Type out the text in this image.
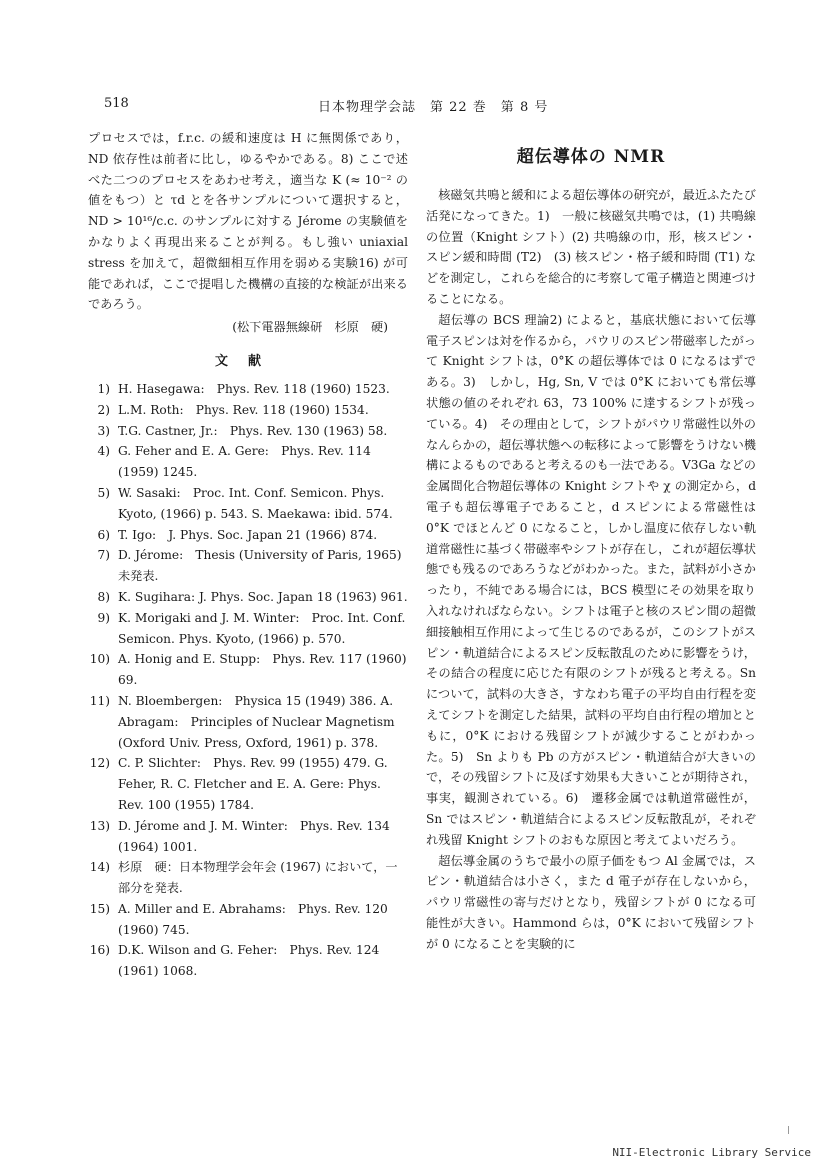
518	日本物理学会誌　第 22 巻　第 8 号

プロセスでは，f.r.c. の緩和速度は H に無関係であり，ND 依存性は前者に比し，ゆるやかである。8) ここで述べた二つのプロセスをあわせ考え，適当な K (≈ 10⁻² の値をもつ）と τd とを各サンプルについて選択すると，ND > 10¹⁶/c.c. のサンプルに対する Jérome の実験値をかなりよく再現出来ることが判る。もし強い uniaxial stress を加えて，超微細相互作用を弱める実験16) が可能であれば，ここで提唱した機構の直接的な検証が出来るであろう。

(松下電器無線研　杉原　硬)
文献
1) H. Hasegawa:　Phys. Rev. 118 (1960) 1523.
2) L.M. Roth:　Phys. Rev. 118 (1960) 1534.
3) T.G. Castner, Jr.:　Phys. Rev. 130 (1963) 58.
4) G. Feher and E. A. Gere:　Phys. Rev. 114 (1959) 1245.
5) W. Sasaki:　Proc. Int. Conf. Semicon. Phys. Kyoto, (1966) p. 543. S. Maekawa: ibid. 574.
6) T. Igo:　J. Phys. Soc. Japan 21 (1966) 874.
7) D. Jérome:　Thesis (University of Paris, 1965) 未発表.
8) K. Sugihara: J. Phys. Soc. Japan 18 (1963) 961.
9) K. Morigaki and J. M. Winter:　Proc. Int. Conf. Semicon. Phys. Kyoto, (1966) p. 570.
10) A. Honig and E. Stupp:　Phys. Rev. 117 (1960) 69.
11) N. Bloembergen:　Physica 15 (1949) 386. A. Abragam:　Principles of Nuclear Magnetism (Oxford Univ. Press, Oxford, 1961) p. 378.
12) C. P. Slichter:　Phys. Rev. 99 (1955) 479. G. Feher, R. C. Fletcher and E. A. Gere: Phys. Rev. 100 (1955) 1784.
13) D. Jérome and J. M. Winter:　Phys. Rev. 134 (1964) 1001.
14) 杉原　硬：日本物理学会年会 (1967) において，一部分を発表.
15) A. Miller and E. Abrahams:　Phys. Rev. 120 (1960) 745.
16) D.K. Wilson and G. Feher:　Phys. Rev. 124 (1961) 1068.
超伝導体の NMR

核磁気共鳴と緩和による超伝導体の研究が，最近ふたたび活発になってきた。1)　一般に核磁気共鳴では，(1) 共鳴線の位置（Knight シフト）(2) 共鳴線の巾，形，核スピン・スピン緩和時間 (T2)　(3) 核スピン・格子緩和時間 (T1) などを測定し，これらを総合的に考察して電子構造と関連づけることになる。

超伝導の BCS 理論2) によると，基底状態において伝導電子スピンは対を作るから，パウリのスピン帯磁率したがって Knight シフトは，0°K の超伝導体では 0 になるはずである。3)　しかし，Hg, Sn, V では 0°K においても常伝導状態の値のそれぞれ 63，73 100% に達するシフトが残っている。4)　その理由として，シフトがパウリ常磁性以外のなんらかの，超伝導状態への転移によって影響をうけない機構によるものであると考えるのも一法である。V3Ga などの金属間化合物超伝導体の Knight シフトや χ の測定から，d 電子も超伝導電子であること，d スピンによる常磁性は 0°K でほとんど 0 になること，しかし温度に依存しない軌道常磁性に基づく帯磁率やシフトが存在し，これが超伝導状態でも残るのであろうなどがわかった。また，試料が小さかったり，不純である場合には，BCS 模型にその効果を取り入れなければならない。シフトは電子と核のスピン間の超微細接触相互作用によって生じるのであるが，このシフトがスピン・軌道結合によるスピン反転散乱のために影響をうけ，その結合の程度に応じた有限のシフトが残ると考える。Sn について，試料の大きさ，すなわち電子の平均自由行程を変えてシフトを測定した結果，試料の平均自由行程の増加とともに，0°K における残留シフトが減少することがわかった。5)　Sn よりも Pb の方がスピン・軌道結合が大きいので，その残留シフトに及ぼす効果も大きいことが期待され，事実，観測されている。6)　遷移金属では軌道常磁性が，Sn ではスピン・軌道結合によるスピン反転散乱が，それぞれ残留 Knight シフトのおもな原因と考えてよいだろう。

超伝導金属のうちで最小の原子価をもつ Al 金属では，スピン・軌道結合は小さく，また d 電子が存在しないから，パウリ常磁性の寄与だけとなり，残留シフトが 0 になる可能性が大きい。Hammond らは，0°K において残留シフトが 0 になることを実験的に

NII-Electronic Library Service
